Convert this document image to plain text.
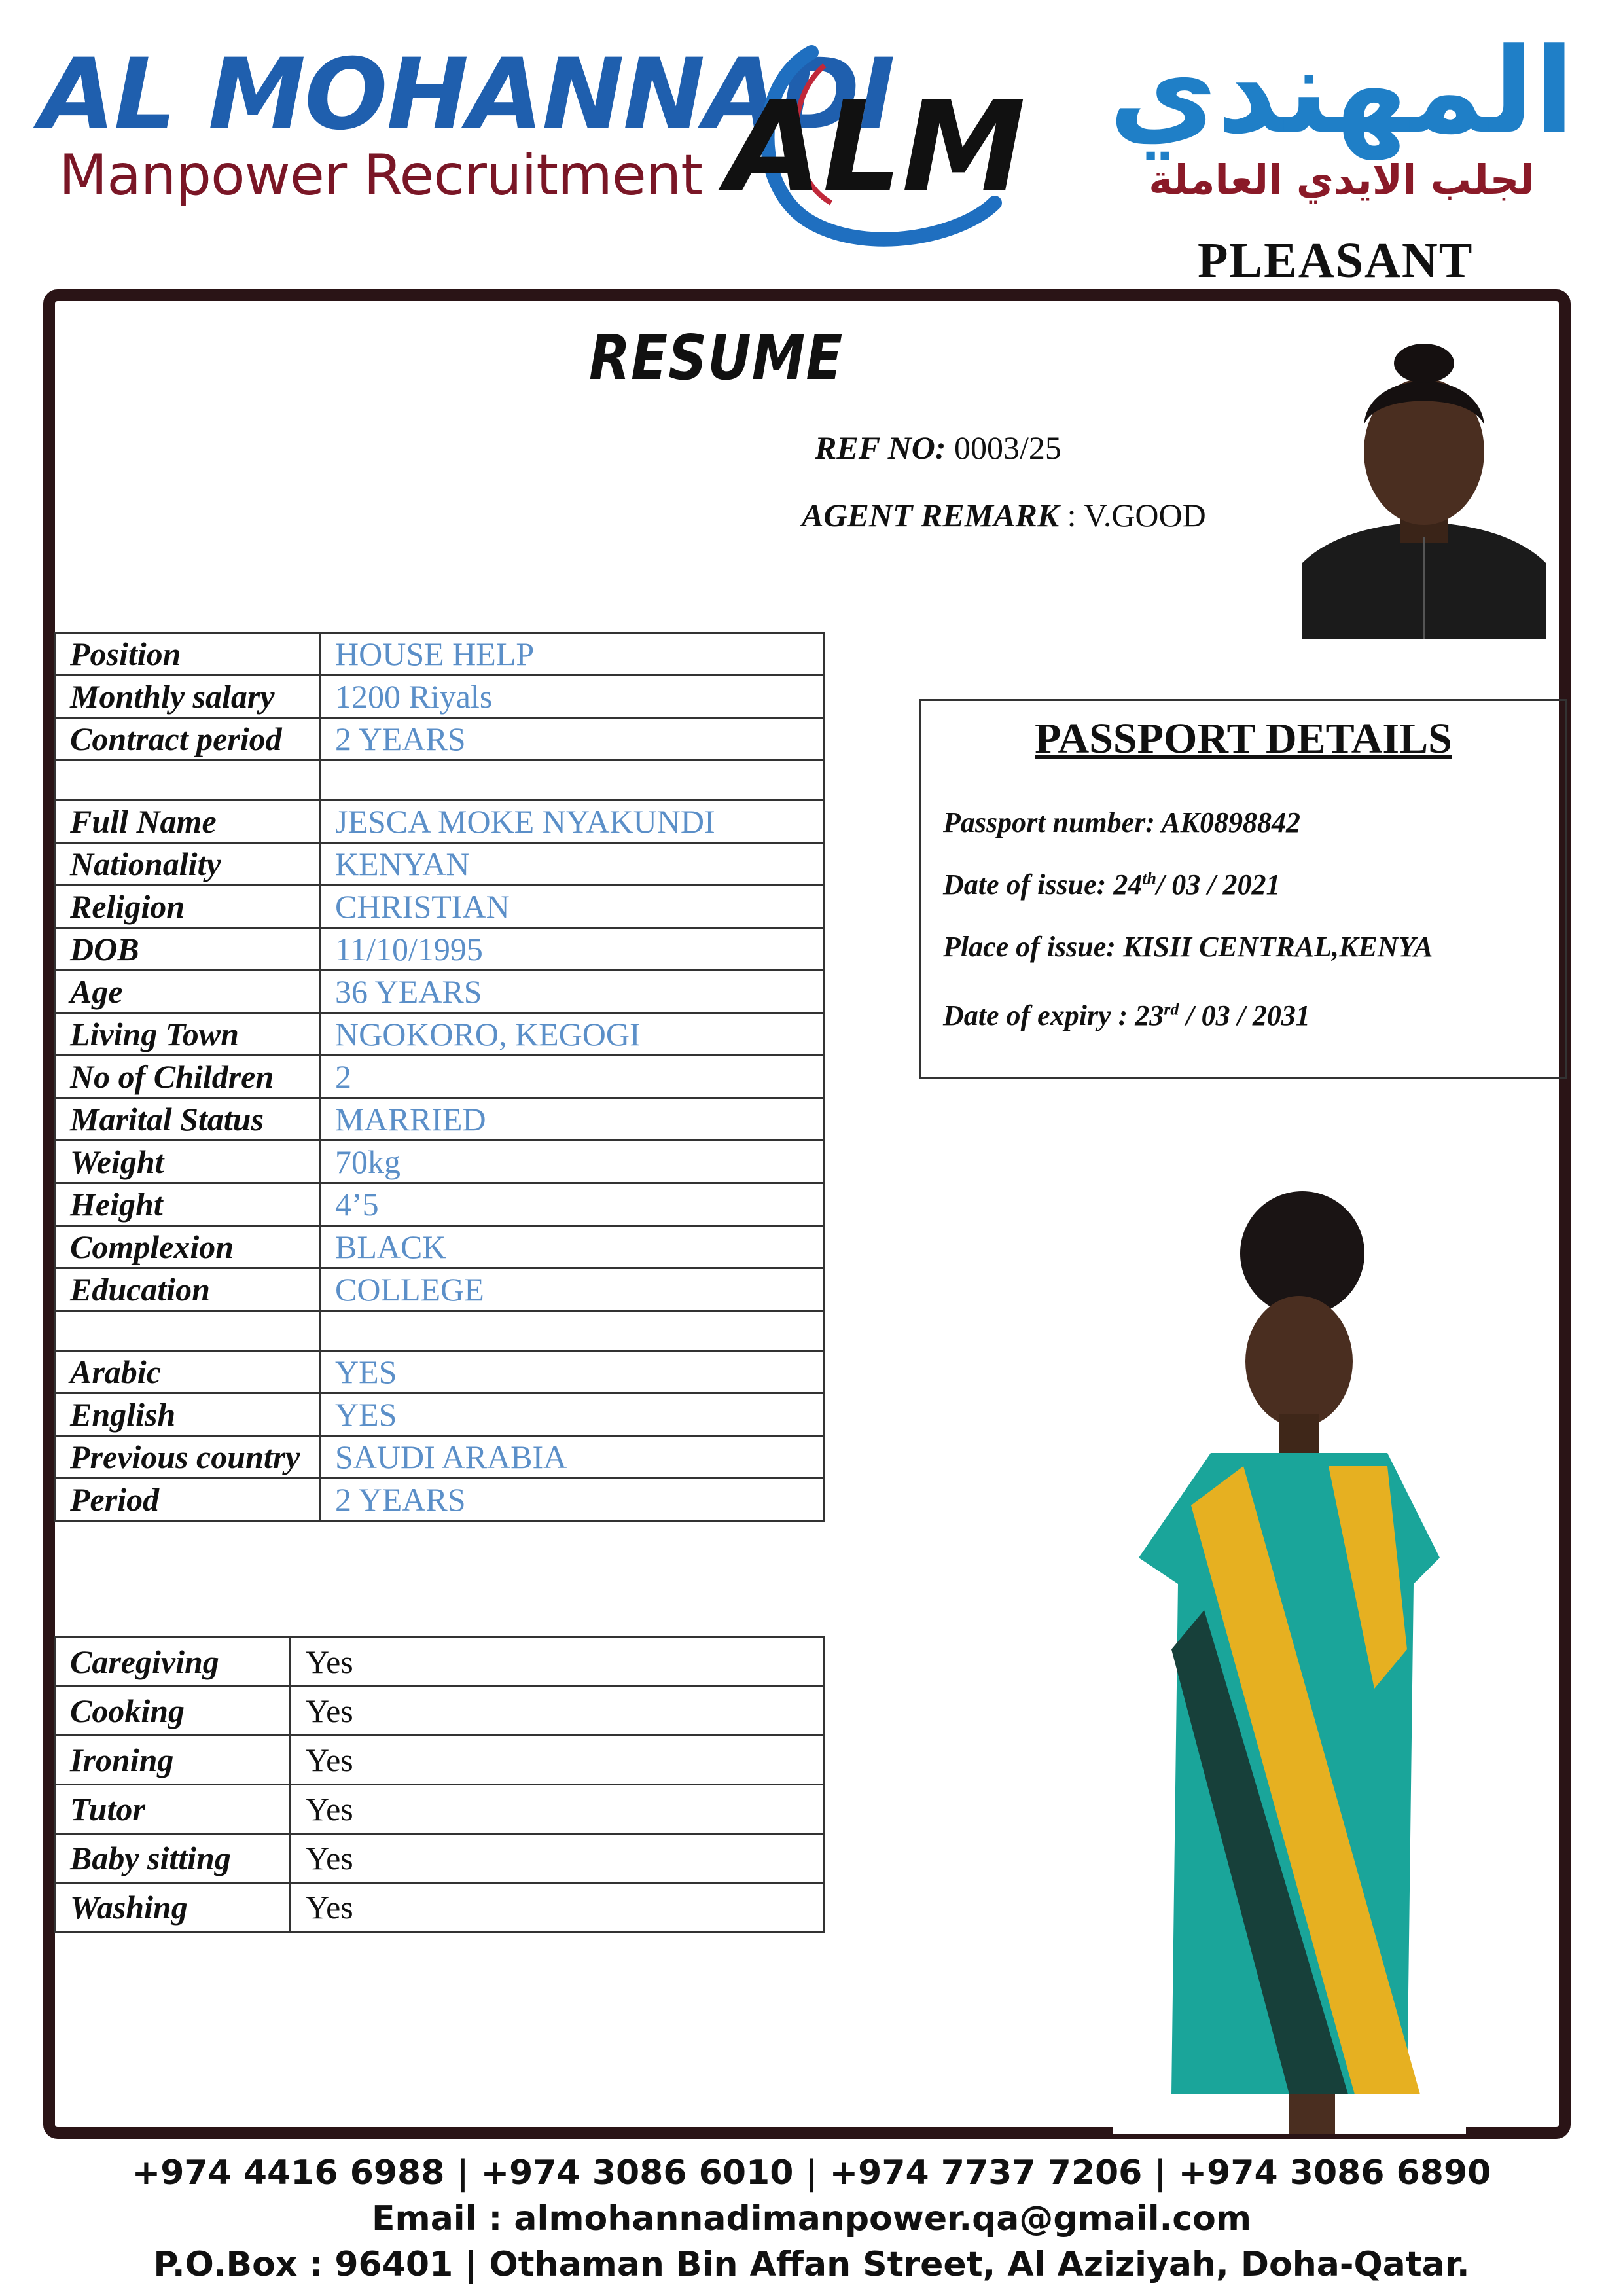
AL MOHANNADI
Manpower Recruitment ALM المهندي
لجلب الايدي العاملة
PLEASANT
RESUME
REF NO: 0003/25
AGENT REMARK : V.GOOD
Position	HOUSE HELP
Monthly salary	1200 Riyals
Contract period	2 YEARS

Full Name	JESCA MOKE NYAKUNDI
Nationality	KENYAN
Religion	CHRISTIAN
DOB	11/10/1995
Age	36 YEARS
Living Town	NGOKORO, KEGOGI
No of Children	2
Marital Status	MARRIED
Weight	70kg
Height	4’5
Complexion	BLACK
Education	COLLEGE

Arabic	YES
English	YES
Previous country	SAUDI ARABIA
Period	2 YEARS
Caregiving	Yes
Cooking	Yes
Ironing	Yes
Tutor	Yes
Baby sitting	Yes
Washing	Yes
PASSPORT DETAILS
Passport number: AK0898842
Date of issue: 24th/ 03 / 2021
Place of issue: KISII CENTRAL,KENYA
Date of expiry : 23rd / 03 / 2031
+974 4416 6988 | +974 3086 6010 | +974 7737 7206 | +974 3086 6890
Email : almohannadimanpower.qa@gmail.com
P.O.Box : 96401 | Othaman Bin Affan Street, Al Aziziyah, Doha-Qatar.
